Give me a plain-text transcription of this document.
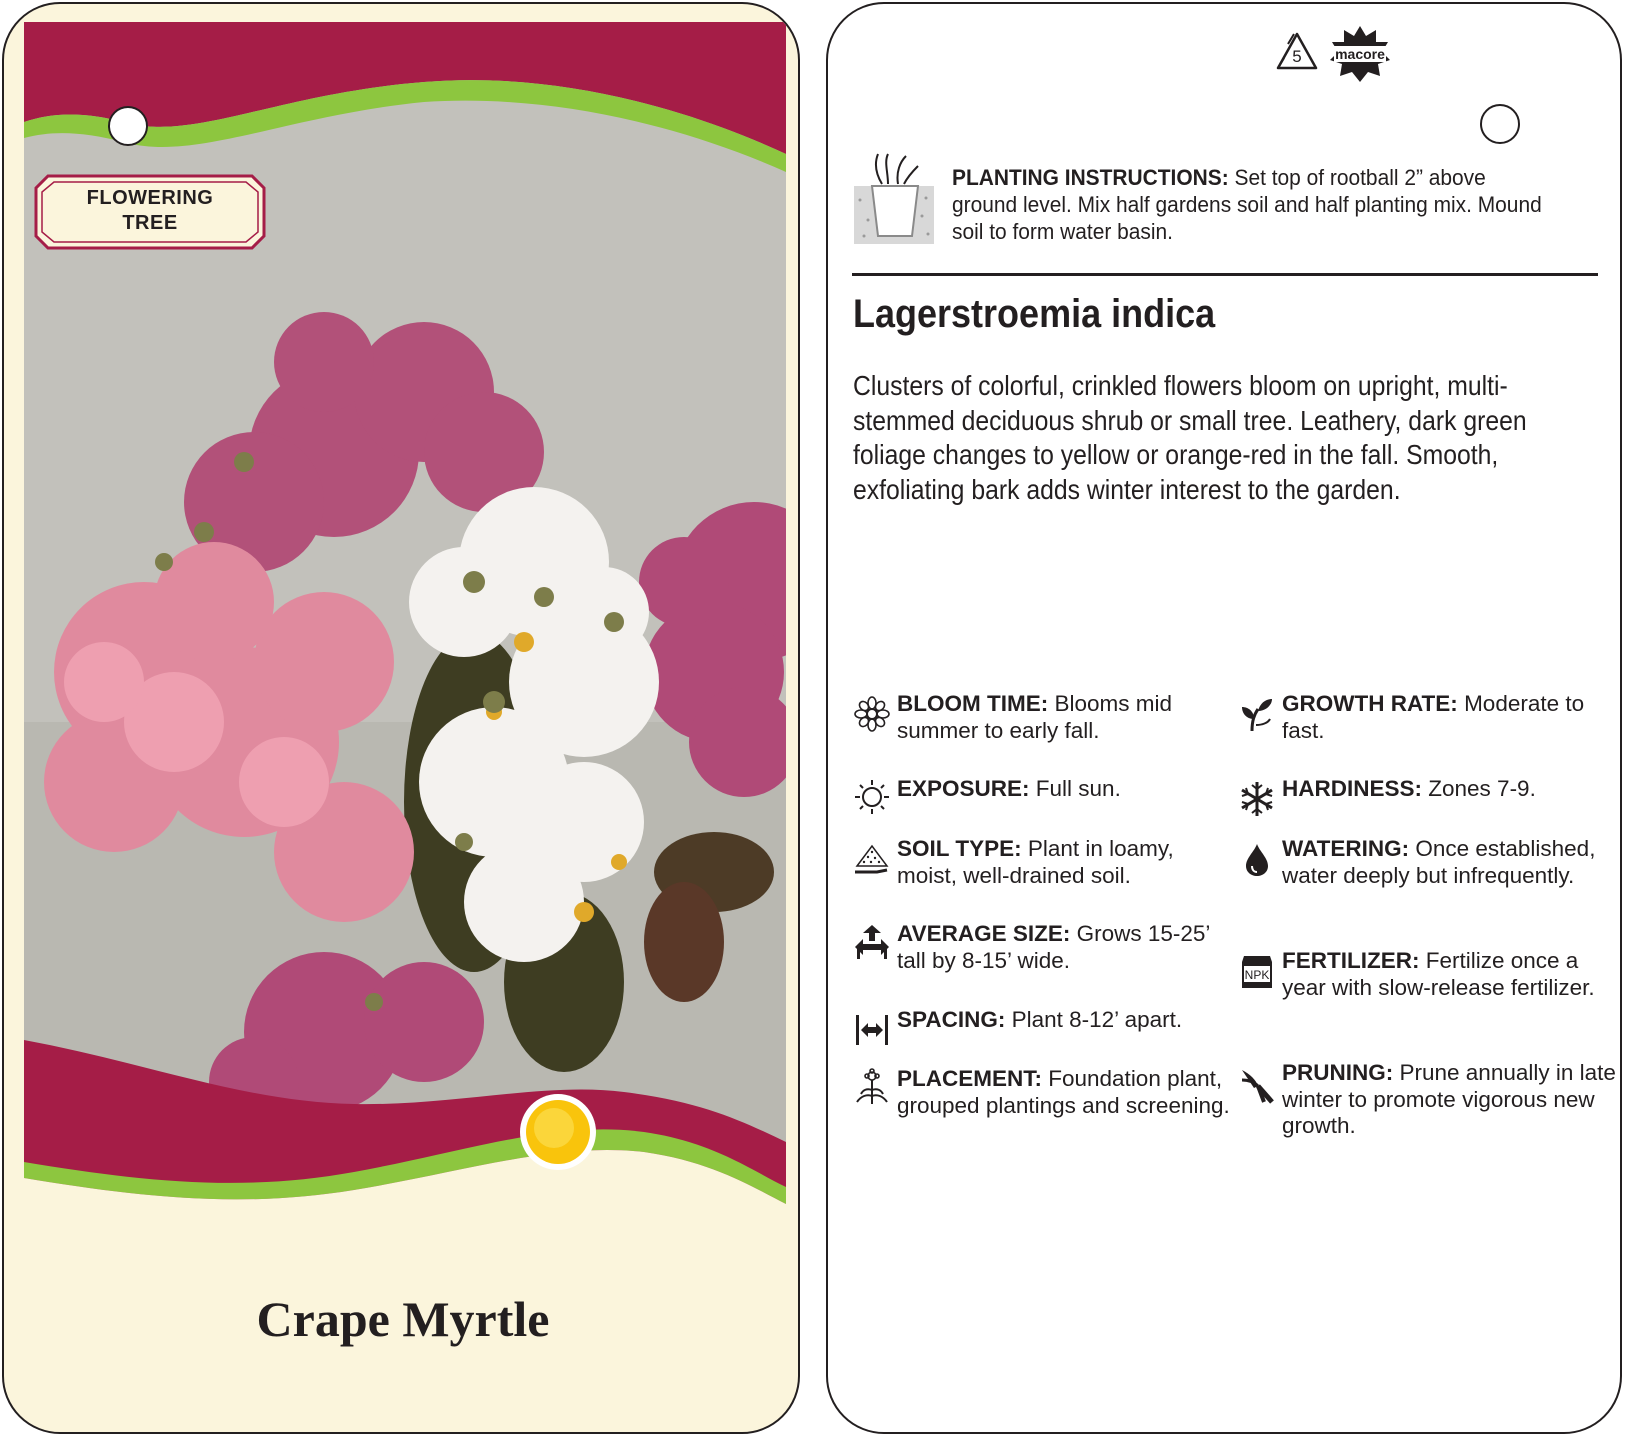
FLOWERING
TREE
Crape Myrtle
5 macore
PLANTING INSTRUCTIONS: Set top of rootball 2” above ground level. Mix half gardens soil and half planting mix. Mound soil to form water basin.
Lagerstroemia indica
Clusters of colorful, crinkled flowers bloom on upright, multi-stemmed deciduous shrub or small tree. Leathery, dark green foliage changes to yellow or orange-red in the fall. Smooth, exfoliating bark adds winter interest to the garden.
BLOOM TIME: Blooms mid summer to early fall.
EXPOSURE: Full sun.
SOIL TYPE: Plant in loamy, moist, well-drained soil.
AVERAGE SIZE: Grows 15-25’ tall by 8-15’ wide.
SPACING: Plant 8-12’ apart.
PLACEMENT: Foundation plant, grouped plantings and screening.
GROWTH RATE: Moderate to fast.
HARDINESS: Zones 7-9.
WATERING: Once established, water deeply but infrequently.
NPK
FERTILIZER: Fertilize once a year with slow-release fertilizer.
PRUNING: Prune annually in late winter to promote vigorous new growth.
